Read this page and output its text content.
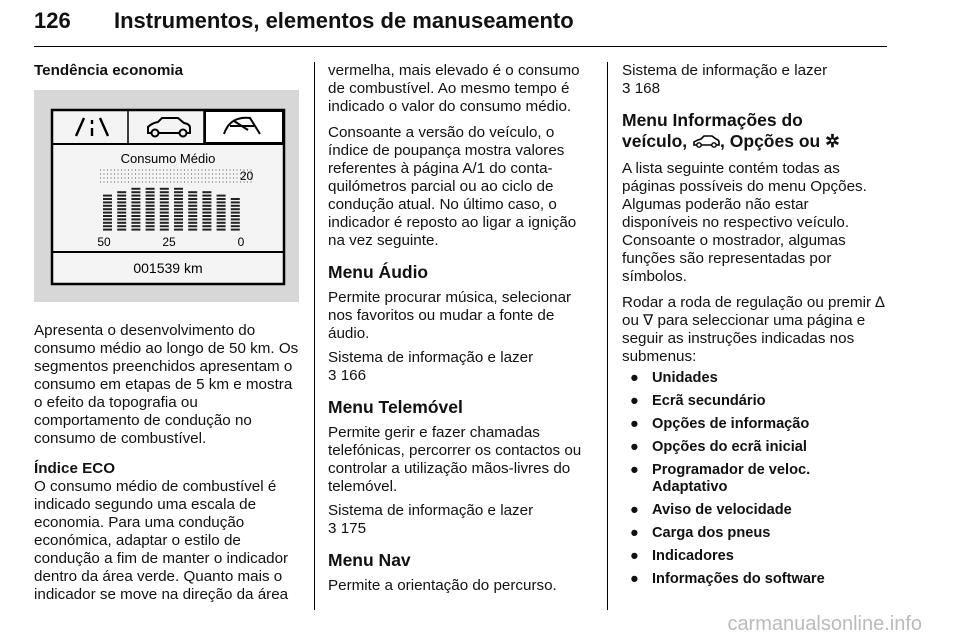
126 Instrumentos, elementos de manuseamento

Tendência economia

Consumo Médio
20
50	25	0
001539 km

Apresenta o desenvolvimento do consumo médio ao longo de 50 km. Os segmentos preenchidos apresentam o consumo em etapas de 5 km e mostra o efeito da topografia ou comportamento de condução no consumo de combustível.

Índice ECO

O consumo médio de combustível é indicado segundo uma escala de economia. Para uma condução económica, adaptar o estilo de condução a fim de manter o indicador dentro da área verde. Quanto mais o indicador se move na direção da área

vermelha, mais elevado é o consumo de combustível. Ao mesmo tempo é indicado o valor do consumo médio.

Consoante a versão do veículo, o índice de poupança mostra valores referentes à página A/1 do conta-quilómetros parcial ou ao ciclo de condução atual. No último caso, o indicador é reposto ao ligar a ignição na vez seguinte.

Menu Áudio

Permite procurar música, selecionar nos favoritos ou mudar a fonte de áudio.

Sistema de informação e lazer

3 166

Menu Telemóvel

Permite gerir e fazer chamadas telefónicas, percorrer os contactos ou controlar a utilização mãos-livres do telemóvel.

Sistema de informação e lazer

3 175

Menu Nav

Permite a orientação do percurso.

Sistema de informação e lazer

3 168

Menu Informações do
veículo, , Opções ou ✲

A lista seguinte contém todas as páginas possíveis do menu Opções. Algumas poderão não estar disponíveis no respectivo veículo. Consoante o mostrador, algumas funções são representadas por símbolos.

Rodar a roda de regulação ou premir ∆ ou ∇ para seleccionar uma página e seguir as instruções indicadas nos submenus:

● Unidades
● Ecrã secundário
● Opções de informação
● Opções do ecrã inicial
● Programador de veloc. Adaptativo
● Aviso de velocidade
● Carga dos pneus
● Indicadores
● Informações do software
carmanualsonline.info
